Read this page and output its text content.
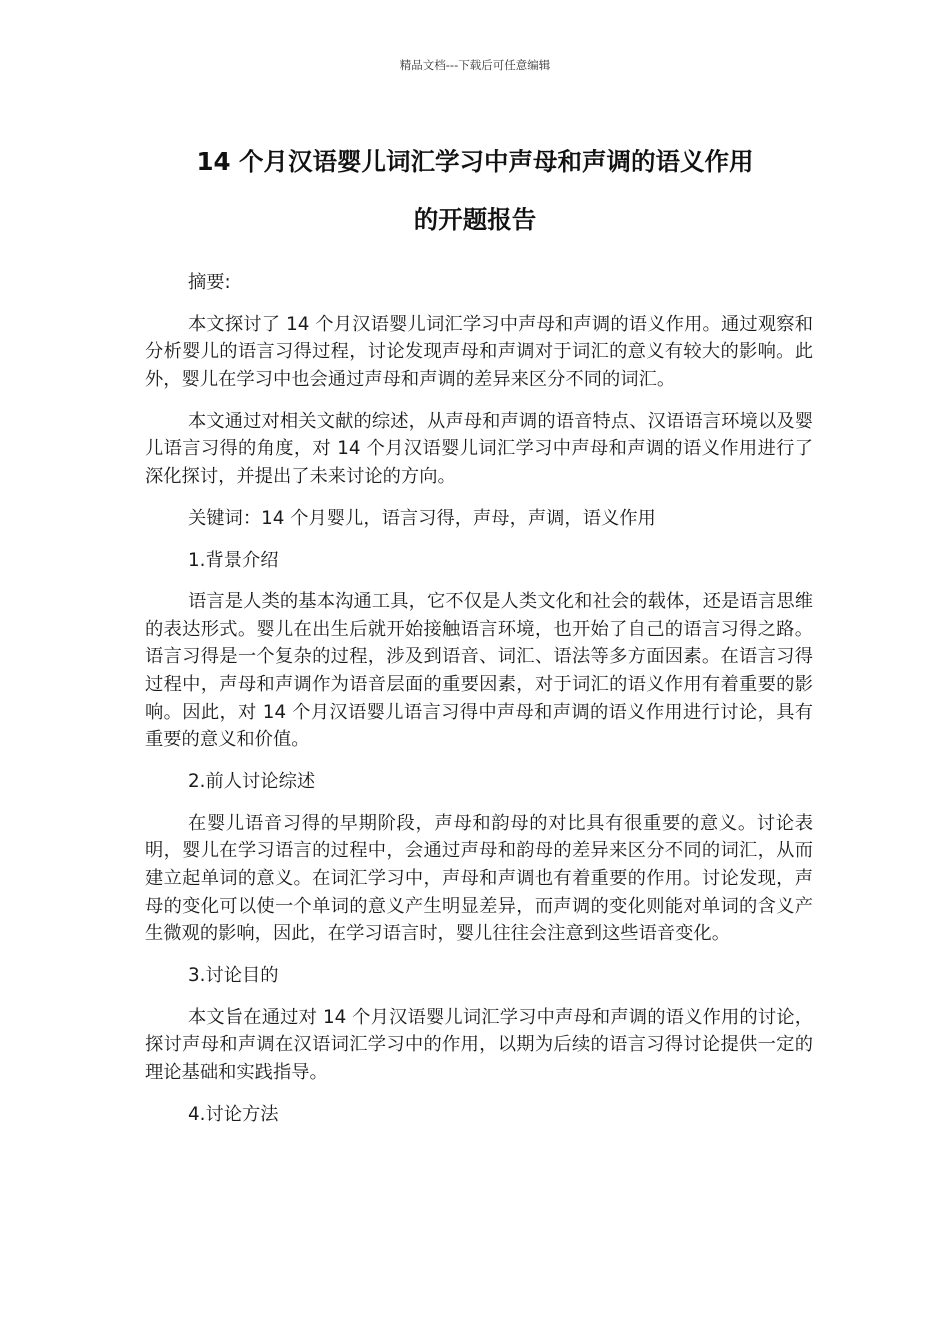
精品文档---下载后可任意编辑
14 个月汉语婴儿词汇学习中声母和声调的语义作用
的开题报告

摘要:

本文探讨了 14 个月汉语婴儿词汇学习中声母和声调的语义作用。通过观察和分析婴儿的语言习得过程，讨论发现声母和声调对于词汇的意义有较大的影响。此外，婴儿在学习中也会通过声母和声调的差异来区分不同的词汇。

本文通过对相关文献的综述，从声母和声调的语音特点、汉语语言环境以及婴儿语言习得的角度，对 14 个月汉语婴儿词汇学习中声母和声调的语义作用进行了深化探讨，并提出了未来讨论的方向。

关键词：14 个月婴儿，语言习得，声母，声调，语义作用

1.背景介绍

语言是人类的基本沟通工具，它不仅是人类文化和社会的载体，还是语言思维的表达形式。婴儿在出生后就开始接触语言环境，也开始了自己的语言习得之路。语言习得是一个复杂的过程，涉及到语音、词汇、语法等多方面因素。在语言习得过程中，声母和声调作为语音层面的重要因素，对于词汇的语义作用有着重要的影响。因此，对 14 个月汉语婴儿语言习得中声母和声调的语义作用进行讨论，具有重要的意义和价值。

2.前人讨论综述

在婴儿语音习得的早期阶段，声母和韵母的对比具有很重要的意义。讨论表明，婴儿在学习语言的过程中，会通过声母和韵母的差异来区分不同的词汇，从而建立起单词的意义。在词汇学习中，声母和声调也有着重要的作用。讨论发现，声母的变化可以使一个单词的意义产生明显差异，而声调的变化则能对单词的含义产生微观的影响，因此，在学习语言时，婴儿往往会注意到这些语音变化。

3.讨论目的

本文旨在通过对 14 个月汉语婴儿词汇学习中声母和声调的语义作用的讨论，探讨声母和声调在汉语词汇学习中的作用，以期为后续的语言习得讨论提供一定的理论基础和实践指导。

4.讨论方法
